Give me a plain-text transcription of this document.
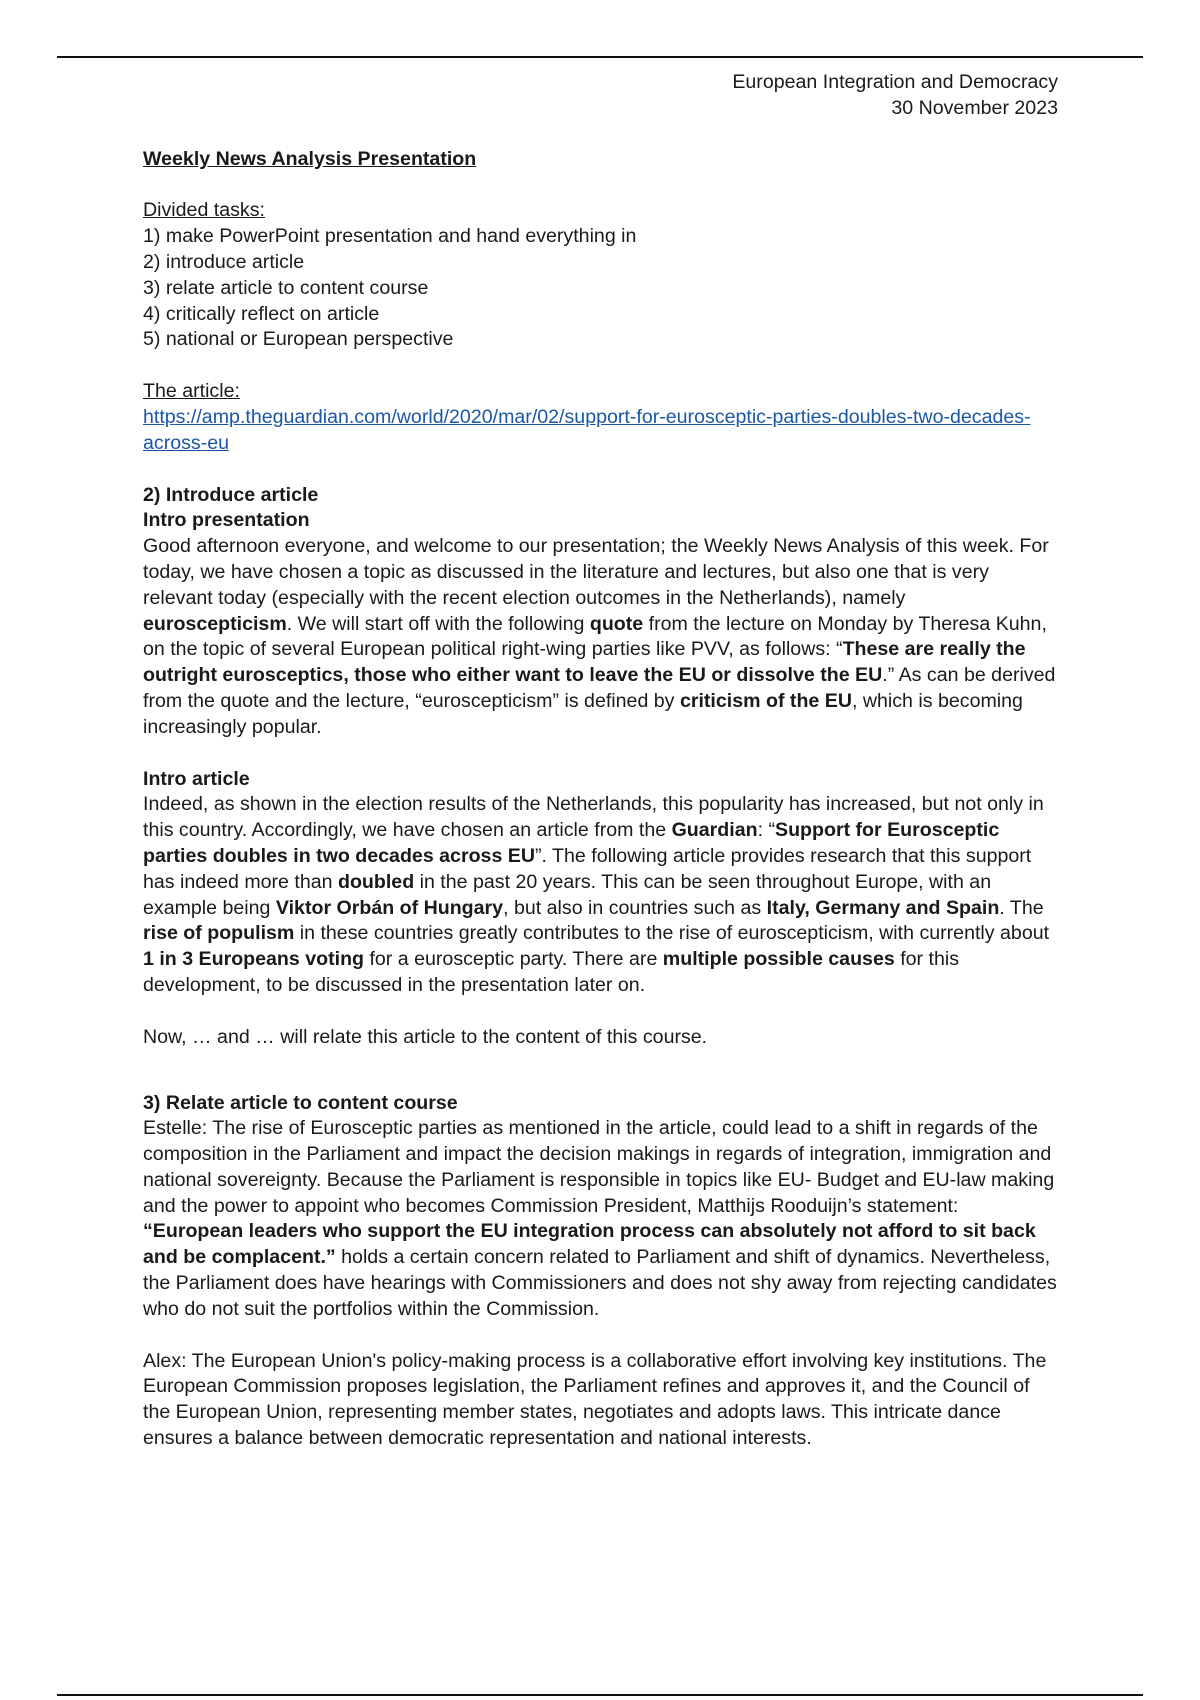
European Integration and Democracy
30 November 2023
Weekly News Analysis Presentation
Divided tasks:
1) make PowerPoint presentation and hand everything in
2) introduce article
3) relate article to content course
4) critically reflect on article
5) national or European perspective
The article:
https://amp.theguardian.com/world/2020/mar/02/support-for-eurosceptic-parties-doubles-two-decades-across-eu
2) Introduce article
Intro presentation

Good afternoon everyone, and welcome to our presentation; the Weekly News Analysis of this week. For today, we have chosen a topic as discussed in the literature and lectures, but also one that is very relevant today (especially with the recent election outcomes in the Netherlands), namely euroscepticism. We will start off with the following quote from the lecture on Monday by Theresa Kuhn, on the topic of several European political right-wing parties like PVV, as follows: “These are really the outright eurosceptics, those who either want to leave the EU or dissolve the EU.” As can be derived from the quote and the lecture, “euroscepticism” is defined by criticism of the EU, which is becoming increasingly popular.

Intro article

Indeed, as shown in the election results of the Netherlands, this popularity has increased, but not only in this country. Accordingly, we have chosen an article from the Guardian: “Support for Eurosceptic parties doubles in two decades across EU”. The following article provides research that this support has indeed more than doubled in the past 20 years. This can be seen throughout Europe, with an example being Viktor Orbán of Hungary, but also in countries such as Italy, Germany and Spain. The rise of populism in these countries greatly contributes to the rise of euroscepticism, with currently about 1 in 3 Europeans voting for a eurosceptic party. There are multiple possible causes for this development, to be discussed in the presentation later on.

Now, … and … will relate this article to the content of this course.

3) Relate article to content course

Estelle: The rise of Eurosceptic parties as mentioned in the article, could lead to a shift in regards of the composition in the Parliament and impact the decision makings in regards of integration, immigration and national sovereignty. Because the Parliament is responsible in topics like EU- Budget and EU-law making and the power to appoint who becomes Commission President, Matthijs Rooduijn’s statement: “European leaders who support the EU integration process can absolutely not afford to sit back and be complacent.” holds a certain concern related to Parliament and shift of dynamics. Nevertheless, the Parliament does have hearings with Commissioners and does not shy away from rejecting candidates who do not suit the portfolios within the Commission.

Alex: The European Union's policy-making process is a collaborative effort involving key institutions. The European Commission proposes legislation, the Parliament refines and approves it, and the Council of the European Union, representing member states, negotiates and adopts laws. This intricate dance ensures a balance between democratic representation and national interests.
